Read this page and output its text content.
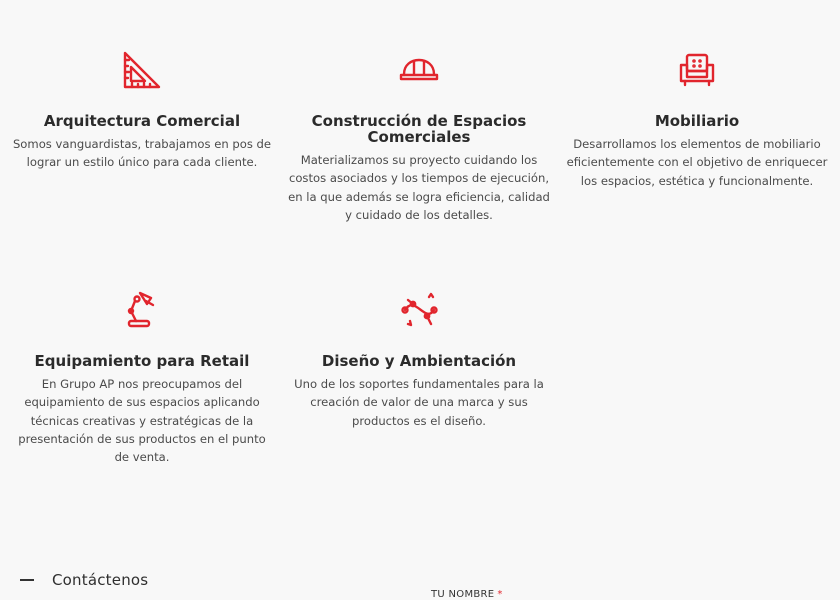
Arquitectura Comercial

Somos vanguardistas, trabajamos en pos de lograr un estilo único para cada cliente.

Construcción de Espacios Comerciales

Materializamos su proyecto cuidando los costos asociados y los tiempos de ejecución, en la que además se logra eficiencia, calidad y cuidado de los detalles.

Mobiliario

Desarrollamos los elementos de mobiliario eficientemente con el objetivo de enriquecer los espacios, estética y funcionalmente.

Equipamiento para Retail

En Grupo AP nos preocupamos del equipamiento de sus espacios aplicando técnicas creativas y estratégicas de la presentación de sus productos en el punto de venta.

Diseño y Ambientación

Uno de los soportes fundamentales para la creación de valor de una marca y sus productos es el diseño.

Contáctenos
TU NOMBRE *
